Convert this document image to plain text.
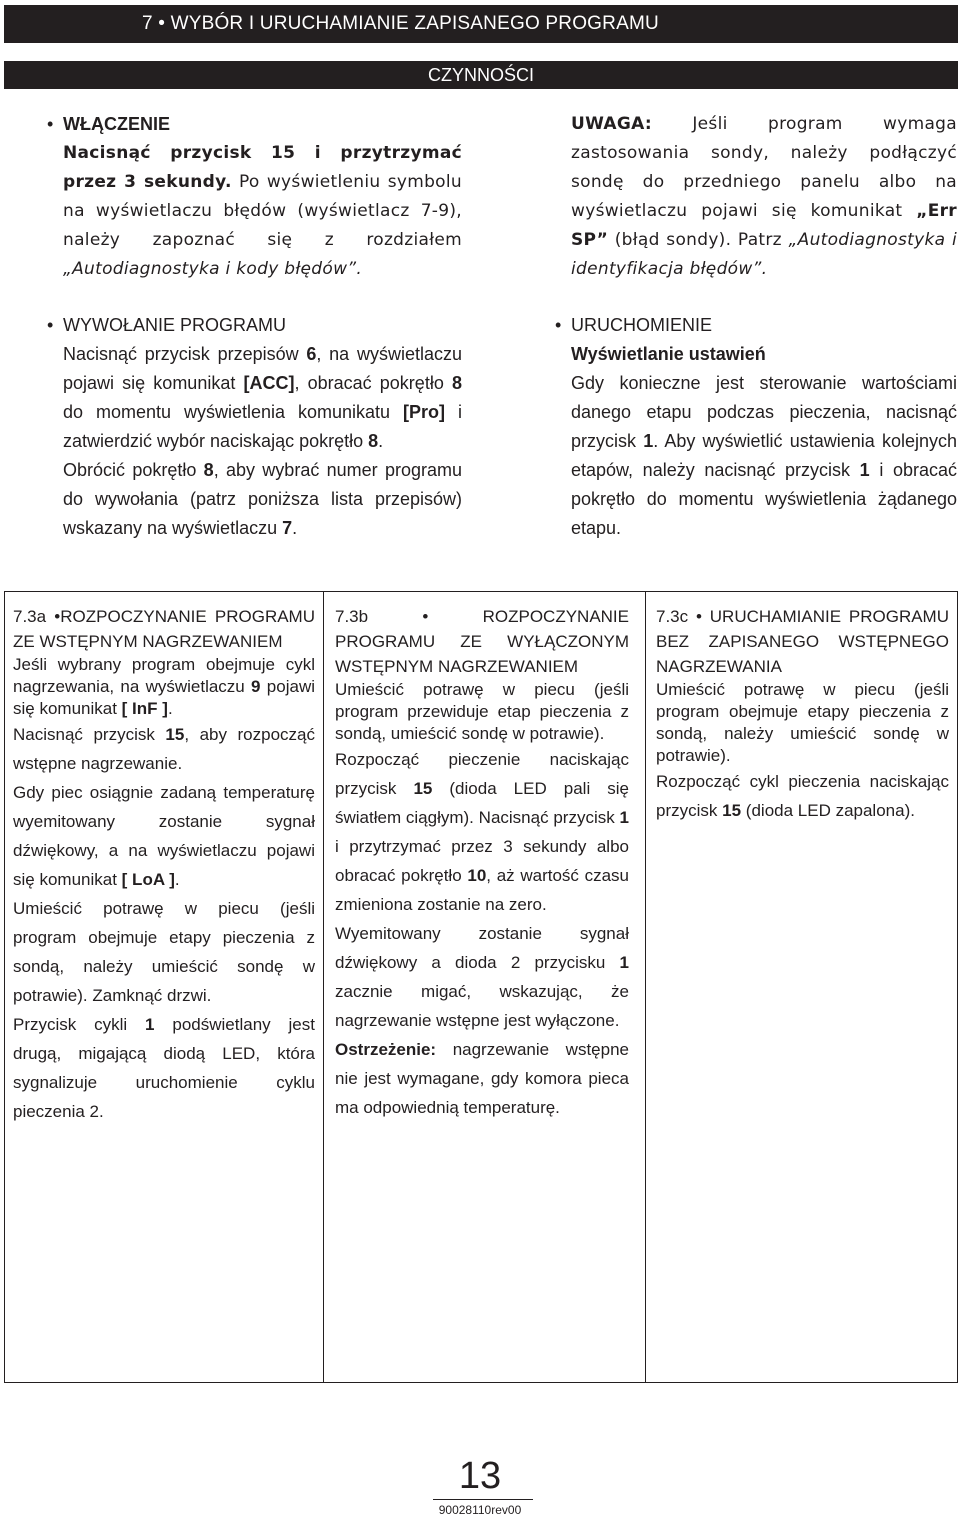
7 • WYBÓR I URUCHAMIANIE ZAPISANEGO PROGRAMU
CZYNNOŚCI

• WŁĄCZENIE

Nacisnąć przycisk 15 i przytrzymać przez 3 sekundy. Po wyświetleniu symbolu na wyświetlaczu błędów (wyświetlacz 7-9), należy zapoznać się z rozdziałem „Autodiagnostyka i kody błędów”.

UWAGA: Jeśli program wymaga zastosowania sondy, należy podłączyć sondę do przedniego panelu albo na wyświetlaczu pojawi się komunikat „Err SP” (błąd sondy). Patrz „Autodiagnostyka i identyfikacja błędów”.

• WYWOŁANIE PROGRAMU

Nacisnąć przycisk przepisów 6, na wyświetlaczu pojawi się komunikat [ACC], obracać pokrętło 8 do momentu wyświetlenia komunikatu [Pro] i zatwierdzić wybór naciskając pokrętło 8.

Obrócić pokrętło 8, aby wybrać numer programu do wywołania (patrz poniższa lista przepisów) wskazany na wyświetlaczu 7.

• URUCHOMIENIE

Wyświetlanie ustawień

Gdy konieczne jest sterowanie wartościami danego etapu podczas pieczenia, nacisnąć przycisk 1. Aby wyświetlić ustawienia kolejnych etapów, należy nacisnąć przycisk 1 i obracać pokrętło do momentu wyświetlenia żądanego etapu.

7.3a •ROZPOCZYNANIE PROGRAMU ZE WSTĘPNYM NAGRZEWANIEM

Jeśli wybrany program obejmuje cykl nagrzewania, na wyświetlaczu 9 pojawi się komunikat [ InF ].

Nacisnąć przycisk 15, aby rozpocząć wstępne nagrzewanie.

Gdy piec osiągnie zadaną temperaturę wyemitowany zostanie sygnał dźwiękowy, a na wyświetlaczu pojawi się komunikat [ LoA ].

Umieścić potrawę w piecu (jeśli program obejmuje etapy pieczenia z sondą, należy umieścić sondę w potrawie). Zamknąć drzwi.

Przycisk cykli 1 podświetlany jest drugą, migającą diodą LED, która sygnalizuje uruchomienie cyklu pieczenia 2.

7.3b • ROZPOCZYNANIE PROGRAMU ZE WYŁĄCZONYM WSTĘPNYM NAGRZEWANIEM

Umieścić potrawę w piecu (jeśli program przewiduje etap pieczenia z sondą, umieścić sondę w potrawie).

Rozpocząć pieczenie naciskając przycisk 15 (dioda LED pali się światłem ciągłym). Nacisnąć przycisk 1 i przytrzymać przez 3 sekundy albo obracać pokrętło 10, aż wartość czasu zmieniona zostanie na zero.

Wyemitowany zostanie sygnał dźwiękowy a dioda 2 przycisku 1 zacznie migać, wskazując, że nagrzewanie wstępne jest wyłączone.

Ostrzeżenie: nagrzewanie wstępne nie jest wymagane, gdy komora pieca ma odpowiednią temperaturę.

7.3c • URUCHAMIANIE PROGRAMU BEZ ZAPISANEGO WSTĘPNEGO NAGRZEWANIA

Umieścić potrawę w piecu (jeśli program obejmuje etapy pieczenia z sondą, należy umieścić sondę w potrawie).

Rozpocząć cykl pieczenia naciskając przycisk 15 (dioda LED zapalona).

13
90028110rev00
